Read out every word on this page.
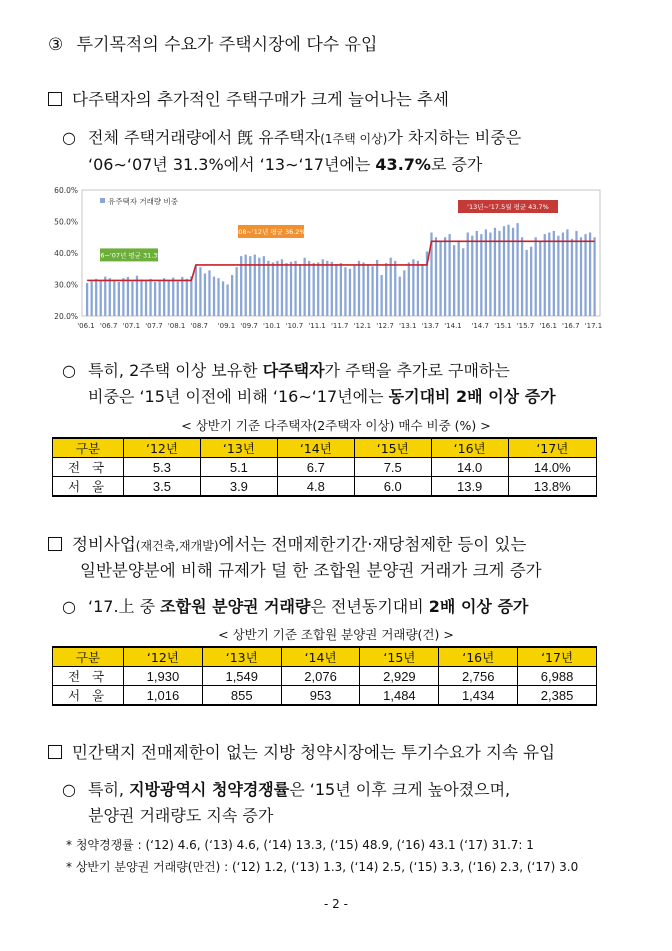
③ 투기목적의 수요가 주택시장에 다수 유입
다주택자의 추가적인 주택구매가 크게 늘어나는 추세
○ 전체 주택거래량에서 旣 유주택자(1주택 이상)가 차지하는 비중은
‘06∼‘07년 31.3%에서 ‘13∼‘17년에는 43.7%로 증가
60.0%
50.0%
40.0%
30.0%
20.0%
'06.1 '06.7 '07.1 '07.7 '08.1 '08.7 '09.1 '09.7 '10.1 '10.7 '11.1 '11.7 '12.1 '12.7 '13.1 '13.7 '14.1 '14.7 '15.1 '15.7 '16.1 '16.7 '17.1
유주택자 거래량 비중
'06~'07년 평균 31.3%
'08~'12년 평균 36.2%
'13년~'17.5월 평균 43.7%
○ 특히, 2주택 이상 보유한 다주택자가 주택을 추가로 구매하는
비중은 ‘15년 이전에 비해 ‘16∼‘17년에는 동기대비 2배 이상 증가
< 상반기 기준 다주택자(2주택자 이상) 매수 비중 (%) >
구분	‘12년	‘13년	‘14년	‘15년	‘16년	‘17년
전 국	5.3	5.1	6.7	7.5	14.0	14.0%
서 울	3.5	3.9	4.8	6.0	13.9	13.8%
정비사업(재건축,재개발)에서는 전매제한기간·재당첨제한 등이 있는
일반분양분에 비해 규제가 덜 한 조합원 분양권 거래가 크게 증가
○ ‘17.上 중 조합원 분양권 거래량은 전년동기대비 2배 이상 증가
< 상반기 기준 조합원 분양권 거래량(건) >
구분	‘12년	‘13년	‘14년	‘15년	‘16년	‘17년
전 국	1,930	1,549	2,076	2,929	2,756	6,988
서 울	1,016	855	953	1,484	1,434	2,385
민간택지 전매제한이 없는 지방 청약시장에는 투기수요가 지속 유입
○ 특히, 지방광역시 청약경쟁률은 ‘15년 이후 크게 높아졌으며,
분양권 거래량도 지속 증가
* 청약경쟁률 : (‘12) 4.6, (‘13) 4.6, (‘14) 13.3, (‘15) 48.9, (‘16) 43.1 (‘17) 31.7: 1
* 상반기 분양권 거래량(만건) : (‘12) 1.2, (‘13) 1.3, (‘14) 2.5, (‘15) 3.3, (‘16) 2.3, (‘17) 3.0
- 2 -
